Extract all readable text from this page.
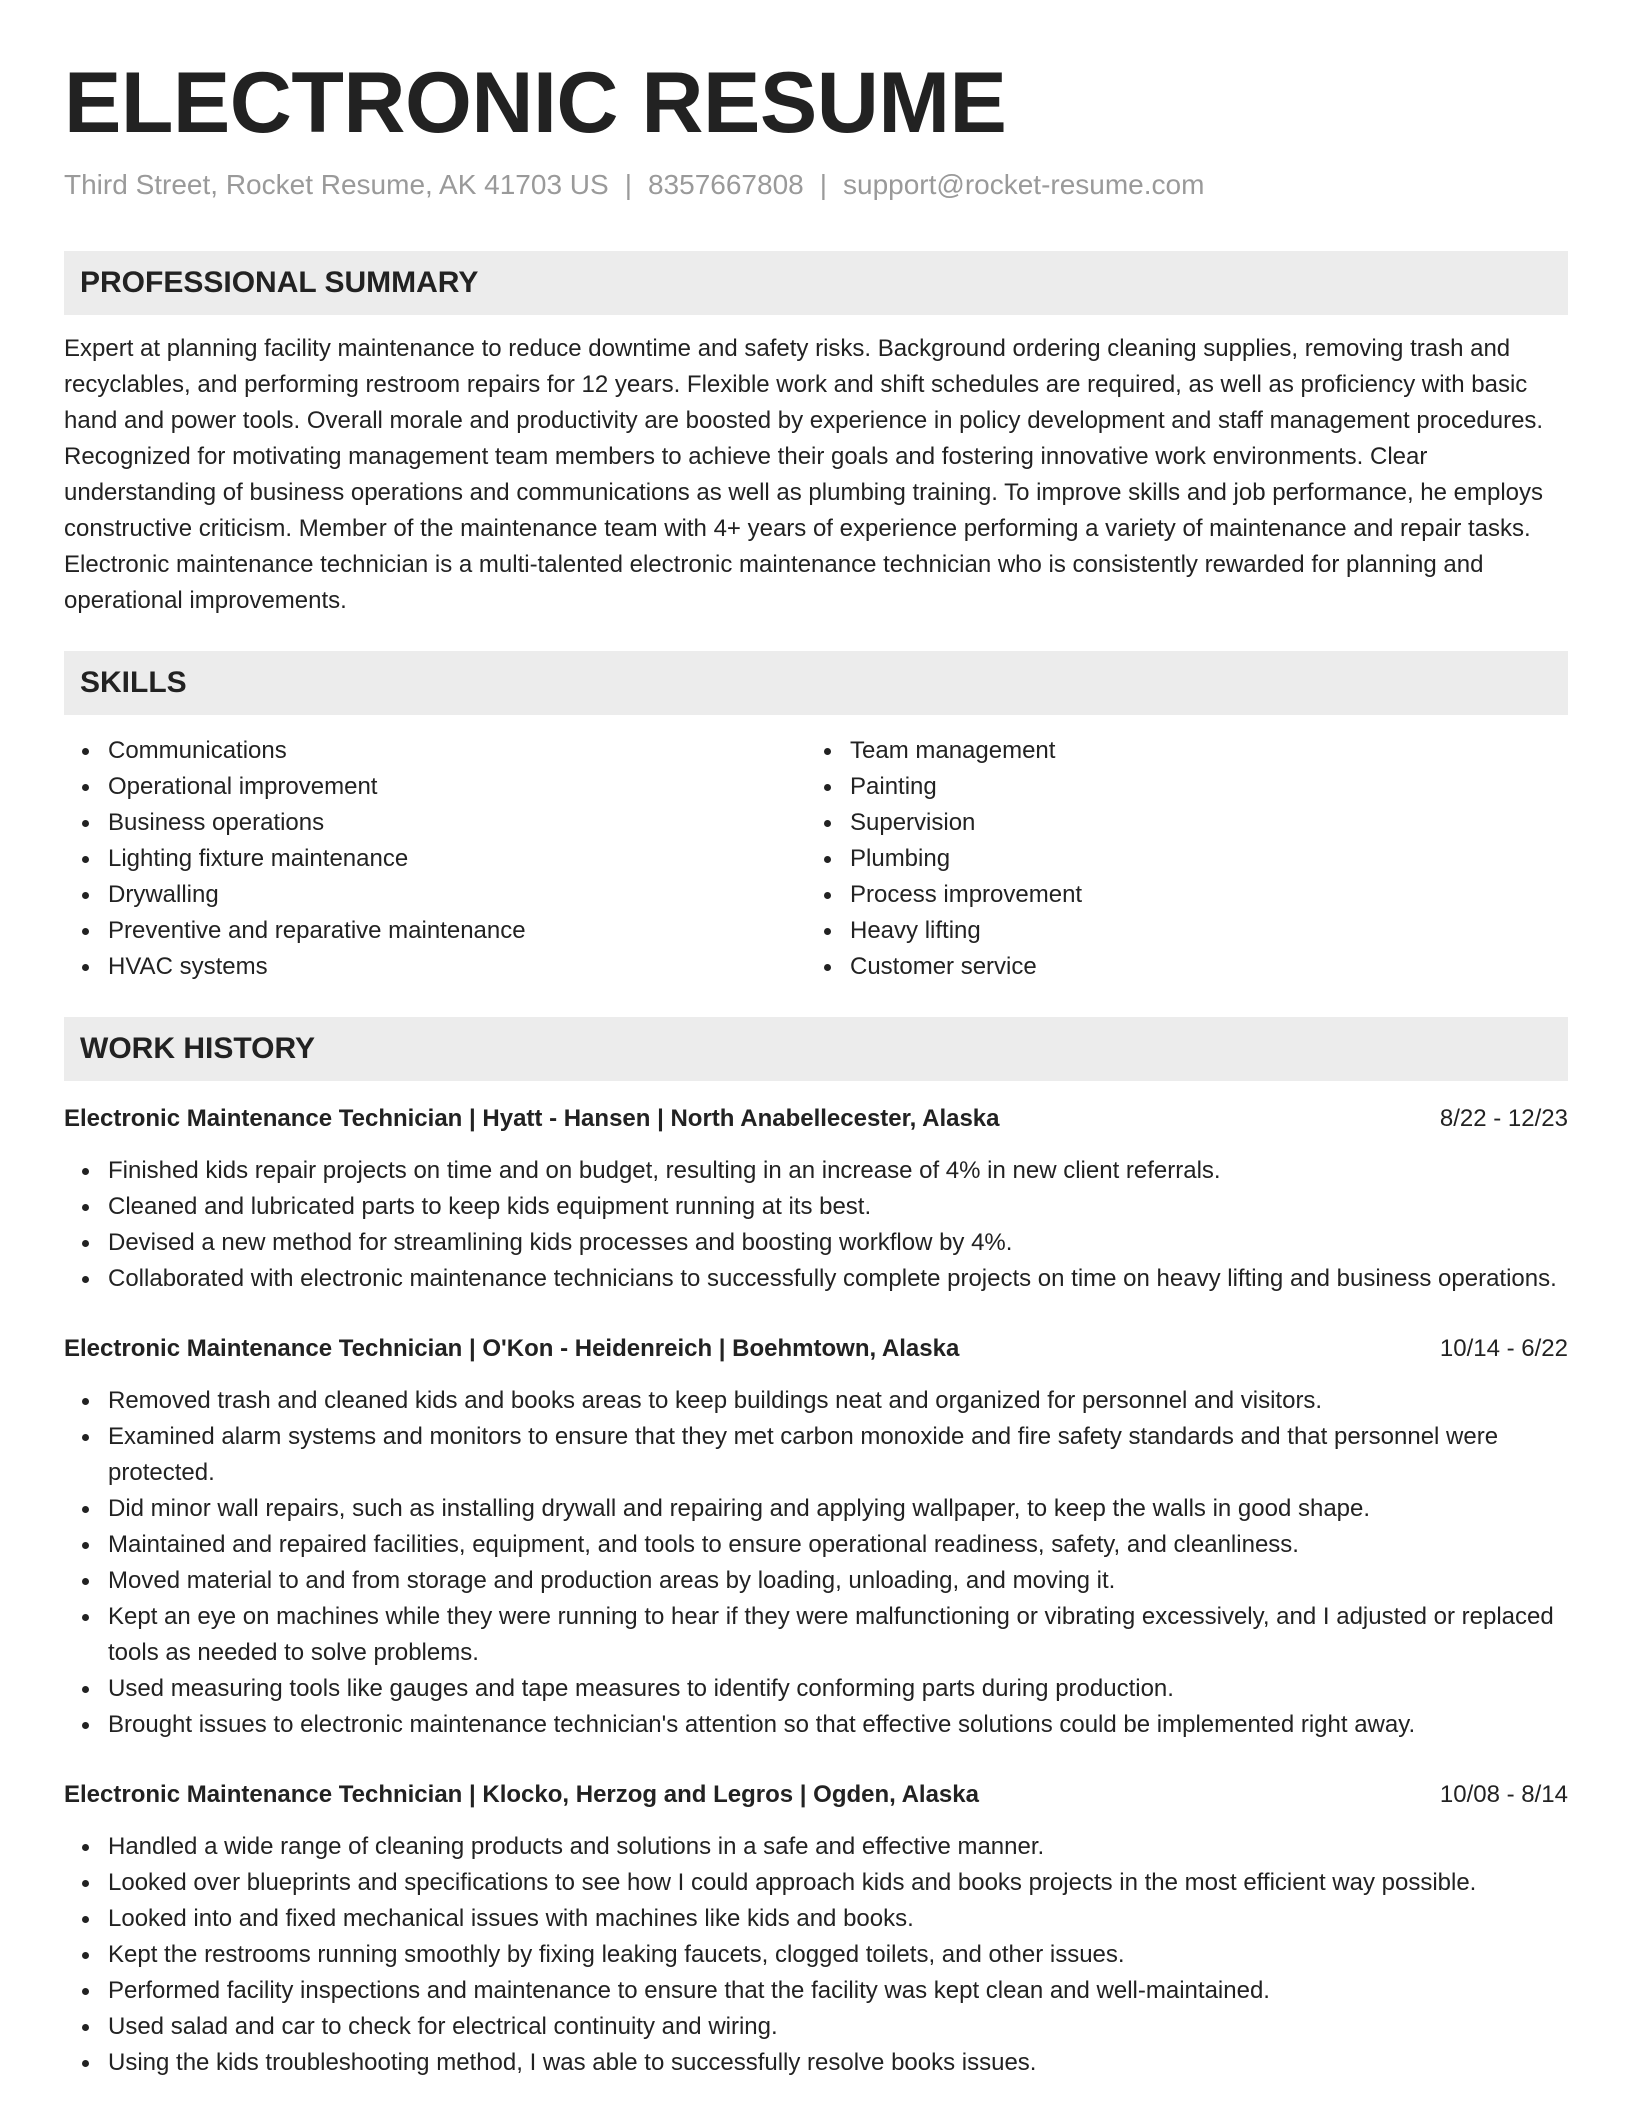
ELECTRONIC RESUME
Third Street, Rocket Resume, AK 41703 US | 8357667808 | support@rocket-resume.com
PROFESSIONAL SUMMARY
Expert at planning facility maintenance to reduce downtime and safety risks. Background ordering cleaning supplies, removing trash and recyclables, and performing restroom repairs for 12 years. Flexible work and shift schedules are required, as well as proficiency with basic hand and power tools. Overall morale and productivity are boosted by experience in policy development and staff management procedures. Recognized for motivating management team members to achieve their goals and fostering innovative work environments. Clear understanding of business operations and communications as well as plumbing training. To improve skills and job performance, he employs constructive criticism. Member of the maintenance team with 4+ years of experience performing a variety of maintenance and repair tasks. Electronic maintenance technician is a multi-talented electronic maintenance technician who is consistently rewarded for planning and operational improvements.
SKILLS
Communications
Operational improvement
Business operations
Lighting fixture maintenance
Drywalling
Preventive and reparative maintenance
HVAC systems
Team management
Painting
Supervision
Plumbing
Process improvement
Heavy lifting
Customer service
WORK HISTORY
Electronic Maintenance Technician | Hyatt - Hansen | North Anabellecester, Alaska	8/22 - 12/23
Finished kids repair projects on time and on budget, resulting in an increase of 4% in new client referrals.
Cleaned and lubricated parts to keep kids equipment running at its best.
Devised a new method for streamlining kids processes and boosting workflow by 4%.
Collaborated with electronic maintenance technicians to successfully complete projects on time on heavy lifting and business operations.
Electronic Maintenance Technician | O'Kon - Heidenreich | Boehmtown, Alaska	10/14 - 6/22
Removed trash and cleaned kids and books areas to keep buildings neat and organized for personnel and visitors.
Examined alarm systems and monitors to ensure that they met carbon monoxide and fire safety standards and that personnel were protected.
Did minor wall repairs, such as installing drywall and repairing and applying wallpaper, to keep the walls in good shape.
Maintained and repaired facilities, equipment, and tools to ensure operational readiness, safety, and cleanliness.
Moved material to and from storage and production areas by loading, unloading, and moving it.
Kept an eye on machines while they were running to hear if they were malfunctioning or vibrating excessively, and I adjusted or replaced tools as needed to solve problems.
Used measuring tools like gauges and tape measures to identify conforming parts during production.
Brought issues to electronic maintenance technician's attention so that effective solutions could be implemented right away.
Electronic Maintenance Technician | Klocko, Herzog and Legros | Ogden, Alaska	10/08 - 8/14
Handled a wide range of cleaning products and solutions in a safe and effective manner.
Looked over blueprints and specifications to see how I could approach kids and books projects in the most efficient way possible.
Looked into and fixed mechanical issues with machines like kids and books.
Kept the restrooms running smoothly by fixing leaking faucets, clogged toilets, and other issues.
Performed facility inspections and maintenance to ensure that the facility was kept clean and well-maintained.
Used salad and car to check for electrical continuity and wiring.
Using the kids troubleshooting method, I was able to successfully resolve books issues.
